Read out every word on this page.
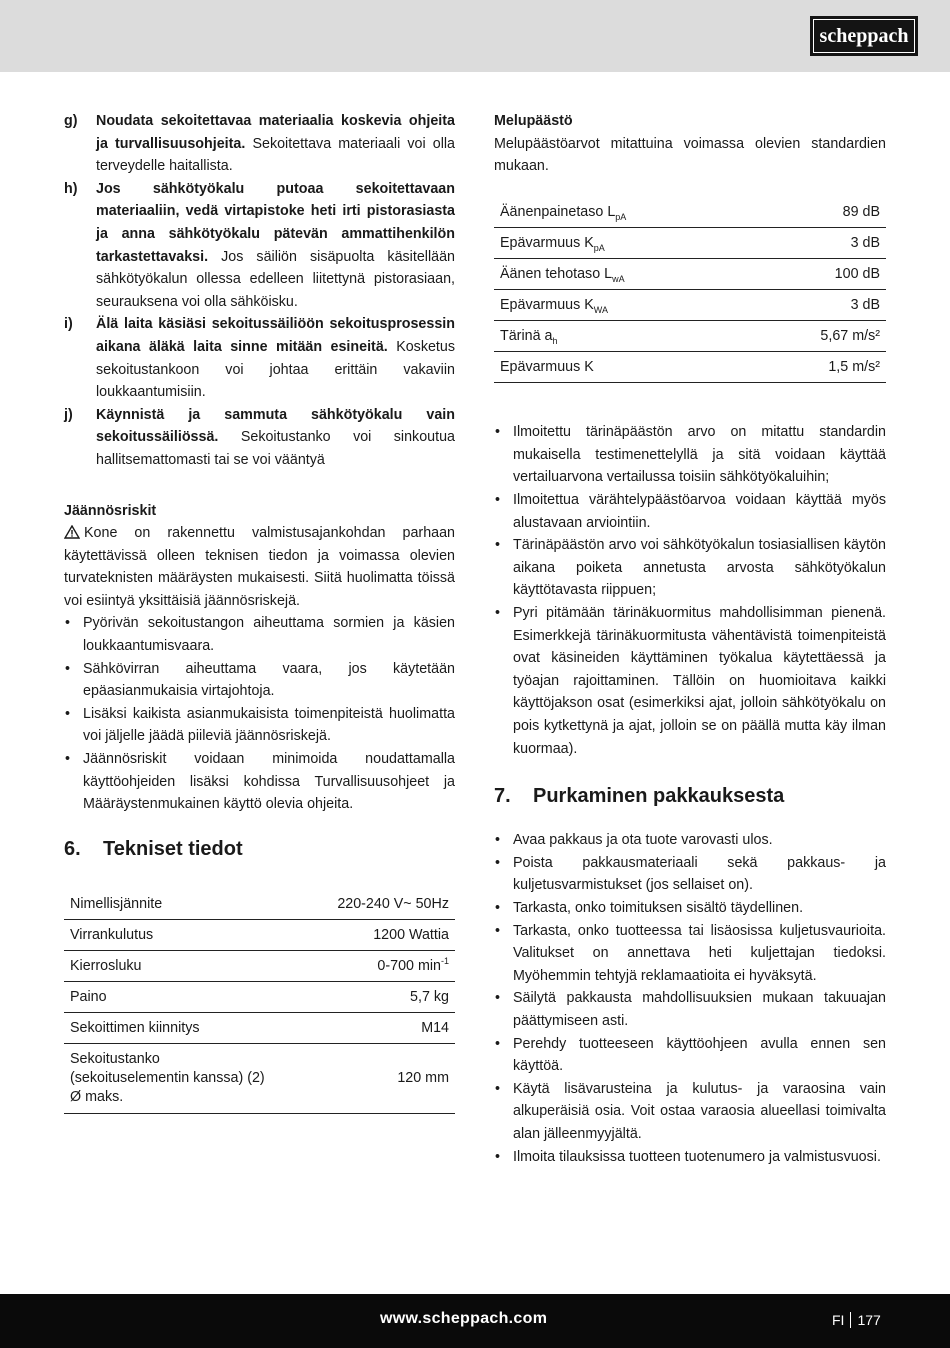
scheppach
g)	Noudata sekoitettavaa materiaalia koskevia ohjeita ja turvallisuusohjeita. Sekoitettava materiaali voi olla terveydelle haitallista.
h)	Jos sähkötyökalu putoaa sekoitettavaan materiaaliin, vedä virtapistoke heti irti pistorasiasta ja anna sähkötyökalu pätevän ammattihenkilön tarkastettavaksi. Jos säiliön sisäpuolta käsitellään sähkötyökalun ollessa edelleen liitettynä pistorasiaan, seurauksena voi olla sähköisku.
i)	Älä laita käsiäsi sekoitussäiliöön sekoitusprosessin aikana äläkä laita sinne mitään esineitä. Kosketus sekoitustankoon voi johtaa erittäin vakaviin loukkaantumisiin.
j)	Käynnistä ja sammuta sähkötyökalu vain sekoitussäiliössä. Sekoitustanko voi sinkoutua hallitsemattomasti tai se voi vääntyä
Jäännösriskit
Kone on rakennettu valmistusajankohdan parhaan käytettävissä olleen teknisen tiedon ja voimassa olevien turvateknisten määräysten mukaisesti. Siitä huolimatta töissä voi esiintyä yksittäisiä jäännösriskejä.
• Pyörivän sekoitustangon aiheuttama sormien ja käsien loukkaantumisvaara.
• Sähkövirran aiheuttama vaara, jos käytetään epäasianmukaisia virtajohtoja.
• Lisäksi kaikista asianmukaisista toimenpiteistä huolimatta voi jäljelle jäädä piileviä jäännösriskejä.
• Jäännösriskit voidaan minimoida noudattamalla käyttöohjeiden lisäksi kohdissa Turvallisuusohjeet ja Määräystenmukainen käyttö olevia ohjeita.
6.	Tekniset tiedot
Nimellisjännite	220-240 V~ 50Hz
Virrankulutus	1200 Wattia
Kierrosluku	0-700 $\min^{-1}$
Paino	5,7 kg
Sekoittimen kiinnitys	M14

Sekoitustanko
(sekoituselementin kanssa) (2)
Ø maks.	120 mm
Melupäästö
Melupäästöarvot mitattuina voimassa olevien standardien mukaan.
Äänenpainetaso $L_{pA}$	89 dB
Epävarmuus $K_{pA}$	3 dB
Äänen tehotaso $L_{wA}$	100 dB
Epävarmuus $K_{WA}$	3 dB
Tärinä $a_h$	5,67 m/s²
Epävarmuus K	1,5 m/s²
• Ilmoitettu tärinäpäästön arvo on mitattu standardin mukaisella testimenettelyllä ja sitä voidaan käyttää vertailuarvona vertailussa toisiin sähkötyökaluihin;
• Ilmoitettua värähtelypäästöarvoa voidaan käyttää myös alustavaan arviointiin.
• Tärinäpäästön arvo voi sähkötyökalun tosiasiallisen käytön aikana poiketa annetusta arvosta sähkötyökalun käyttötavasta riippuen;
• Pyri pitämään tärinäkuormitus mahdollisimman pienenä. Esimerkkejä tärinäkuormitusta vähentävistä toimenpiteistä ovat käsineiden käyttäminen työkalua käytettäessä ja työajan rajoittaminen. Tällöin on huomioitava kaikki käyttöjakson osat (esimerkiksi ajat, jolloin sähkötyökalu on pois kytkettynä ja ajat, jolloin se on päällä mutta käy ilman kuormaa).
7.	Purkaminen pakkauksesta
• Avaa pakkaus ja ota tuote varovasti ulos.
• Poista pakkausmateriaali sekä pakkaus- ja kuljetusvarmistukset (jos sellaiset on).
• Tarkasta, onko toimituksen sisältö täydellinen.
• Tarkasta, onko tuotteessa tai lisäosissa kuljetusvaurioita. Valitukset on annettava heti kuljettajan tiedoksi. Myöhemmin tehtyjä reklamaatioita ei hyväksytä.
• Säilytä pakkausta mahdollisuuksien mukaan takuuajan päättymiseen asti.
• Perehdy tuotteeseen käyttöohjeen avulla ennen sen käyttöä.
• Käytä lisävarusteina ja kulutus- ja varaosina vain alkuperäisiä osia. Voit ostaa varaosia alueellasi toimivalta alan jälleenmyyjältä.
• Ilmoita tilauksissa tuotteen tuotenumero ja valmistusvuosi.
www.scheppach.com	FI 177
